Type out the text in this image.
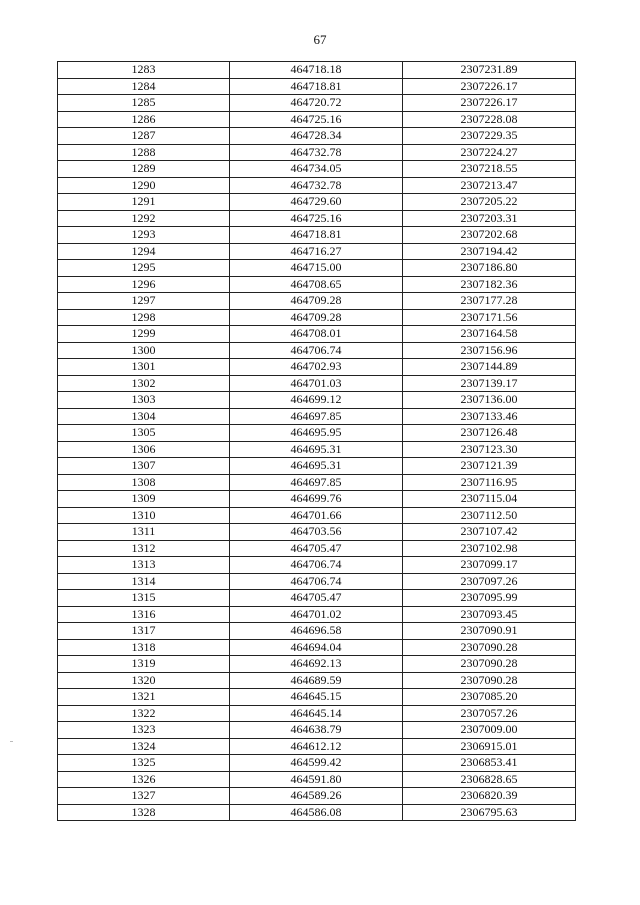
67
1283	464718.18	2307231.89
1284	464718.81	2307226.17
1285	464720.72	2307226.17
1286	464725.16	2307228.08
1287	464728.34	2307229.35
1288	464732.78	2307224.27
1289	464734.05	2307218.55
1290	464732.78	2307213.47
1291	464729.60	2307205.22
1292	464725.16	2307203.31
1293	464718.81	2307202.68
1294	464716.27	2307194.42
1295	464715.00	2307186.80
1296	464708.65	2307182.36
1297	464709.28	2307177.28
1298	464709.28	2307171.56
1299	464708.01	2307164.58
1300	464706.74	2307156.96
1301	464702.93	2307144.89
1302	464701.03	2307139.17
1303	464699.12	2307136.00
1304	464697.85	2307133.46
1305	464695.95	2307126.48
1306	464695.31	2307123.30
1307	464695.31	2307121.39
1308	464697.85	2307116.95
1309	464699.76	2307115.04
1310	464701.66	2307112.50
1311	464703.56	2307107.42
1312	464705.47	2307102.98
1313	464706.74	2307099.17
1314	464706.74	2307097.26
1315	464705.47	2307095.99
1316	464701.02	2307093.45
1317	464696.58	2307090.91
1318	464694.04	2307090.28
1319	464692.13	2307090.28
1320	464689.59	2307090.28
1321	464645.15	2307085.20
1322	464645.14	2307057.26
1323	464638.79	2307009.00
1324	464612.12	2306915.01
1325	464599.42	2306853.41
1326	464591.80	2306828.65
1327	464589.26	2306820.39
1328	464586.08	2306795.63
